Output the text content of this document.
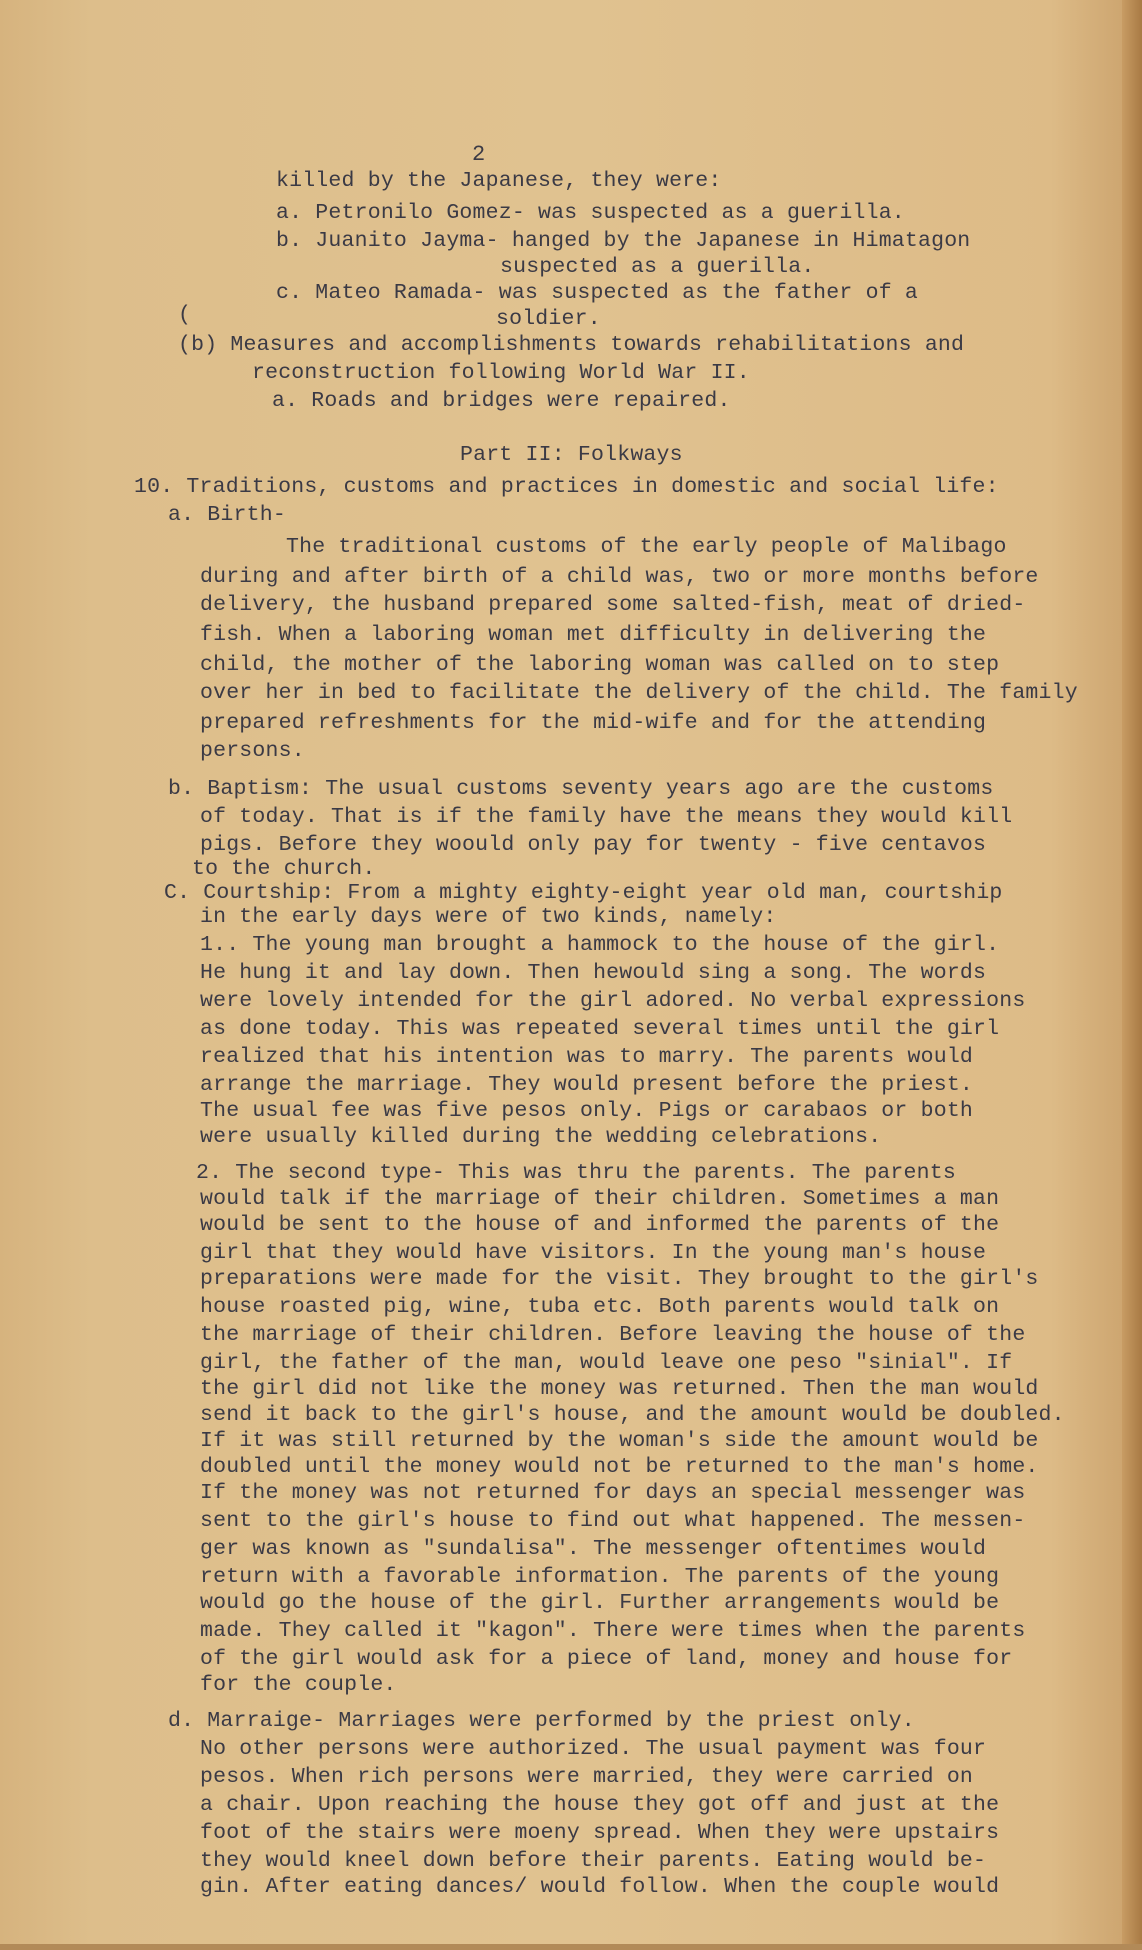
2
killed by the Japanese, they were:
a. Petronilo Gomez- was suspected as a guerilla.
b. Juanito Jayma- hanged by the Japanese in Himatagon
suspected as a guerilla.
c. Mateo Ramada- was suspected as the father of a
(	soldier.
(b) Measures and accomplishments towards rehabilitations and
reconstruction following World War II.
a. Roads and bridges were repaired.
Part II: Folkways
10. Traditions, customs and practices in domestic and social life:
a. Birth-
The traditional customs of the early people of Malibago
during and after birth of a child was, two or more months before
delivery, the husband prepared some salted-fish, meat of dried-
fish. When a laboring woman met difficulty in delivering the
child, the mother of the laboring woman was called on to step
over her in bed to facilitate the delivery of the child. The family
prepared refreshments for the mid-wife and for the attending
persons.
b. Baptism: The usual customs seventy years ago are the customs
of today. That is if the family have the means they would kill
pigs. Before they woould only pay for twenty - five centavos
to the church.
C. Courtship: From a mighty eighty-eight year old man, courtship
in the early days were of two kinds, namely:
1.. The young man brought a hammock to the house of the girl.
He hung it and lay down. Then hewould sing a song. The words
were lovely intended for the girl adored. No verbal expressions
as done today. This was repeated several times until the girl
realized that his intention was to marry. The parents would
arrange the marriage. They would present before the priest.
The usual fee was five pesos only. Pigs or carabaos or both
were usually killed during the wedding celebrations.
2. The second type- This was thru the parents. The parents
would talk if the marriage of their children. Sometimes a man
would be sent to the house of and informed the parents of the
girl that they would have visitors. In the young man's house
preparations were made for the visit. They brought to the girl's
house roasted pig, wine, tuba etc. Both parents would talk on
the marriage of their children. Before leaving the house of the
girl, the father of the man, would leave one peso "sinial". If
the girl did not like the money was returned. Then the man would
send it back to the girl's house, and the amount would be doubled.
If it was still returned by the woman's side the amount would be
doubled until the money would not be returned to the man's home.
If the money was not returned for days an special messenger was
sent to the girl's house to find out what happened. The messen-
ger was known as "sundalisa". The messenger oftentimes would
return with a favorable information. The parents of the young
would go the house of the girl. Further arrangements would be
made. They called it "kagon". There were times when the parents
of the girl would ask for a piece of land, money and house for
for the couple.
d. Marraige- Marriages were performed by the priest only.
No other persons were authorized. The usual payment was four
pesos. When rich persons were married, they were carried on
a chair. Upon reaching the house they got off and just at the
foot of the stairs were moeny spread. When they were upstairs
they would kneel down before their parents. Eating would be-
gin. After eating dances/ would follow. When the couple would
